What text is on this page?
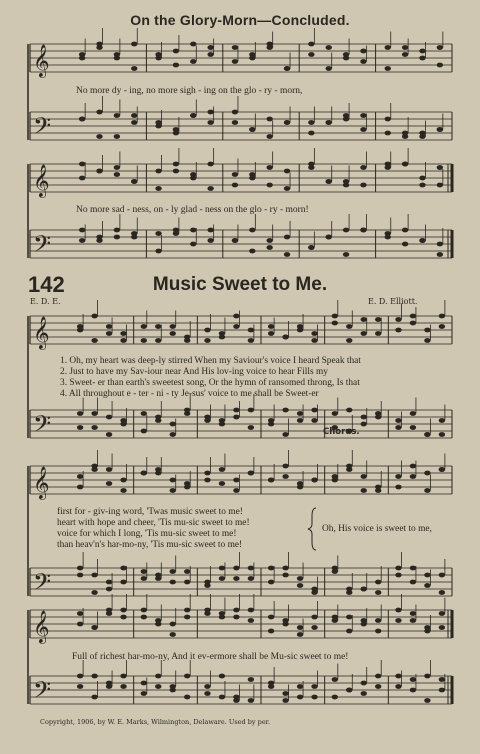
On the Glory-Morn—Concluded.
𝄞
𝄢
𝄞
𝄢
𝄞
𝄢
𝄞
𝄢
𝄞
𝄢
No more dy - ing, no more sigh - ing on the glo - ry - morn,
No more sad - ness, on - ly glad - ness on the glo - ry - morn!
142	Music Sweet to Me.
E. D. E.	E. D. Elliott.
1. Oh, my heart was deep-ly stirred When my Saviour's voice I heard Speak that
2. Just to have my Sav-iour near And His lov-ing voice to hear Fills my
3. Sweet- er than earth's sweetest song, Or the hymn of ransomed throng, Is that
4. All throughout e - ter - ni - ty Je-sus' voice to me shall be Sweet-er
Chorus.
first for - giv-ing word, 'Twas music sweet to me!
heart with hope and cheer, 'Tis mu-sic sweet to me!
voice for which I long, 'Tis mu-sic sweet to me!
than heav'n's har-mo-ny, 'Tis mu-sic sweet to me!
Oh, His voice is sweet to me,
Full of richest har-mo-ny, And it ev-ermore shall be Mu-sic sweet to me!
Copyright, 1906, by W. E. Marks, Wilmington, Delaware. Used by per.
